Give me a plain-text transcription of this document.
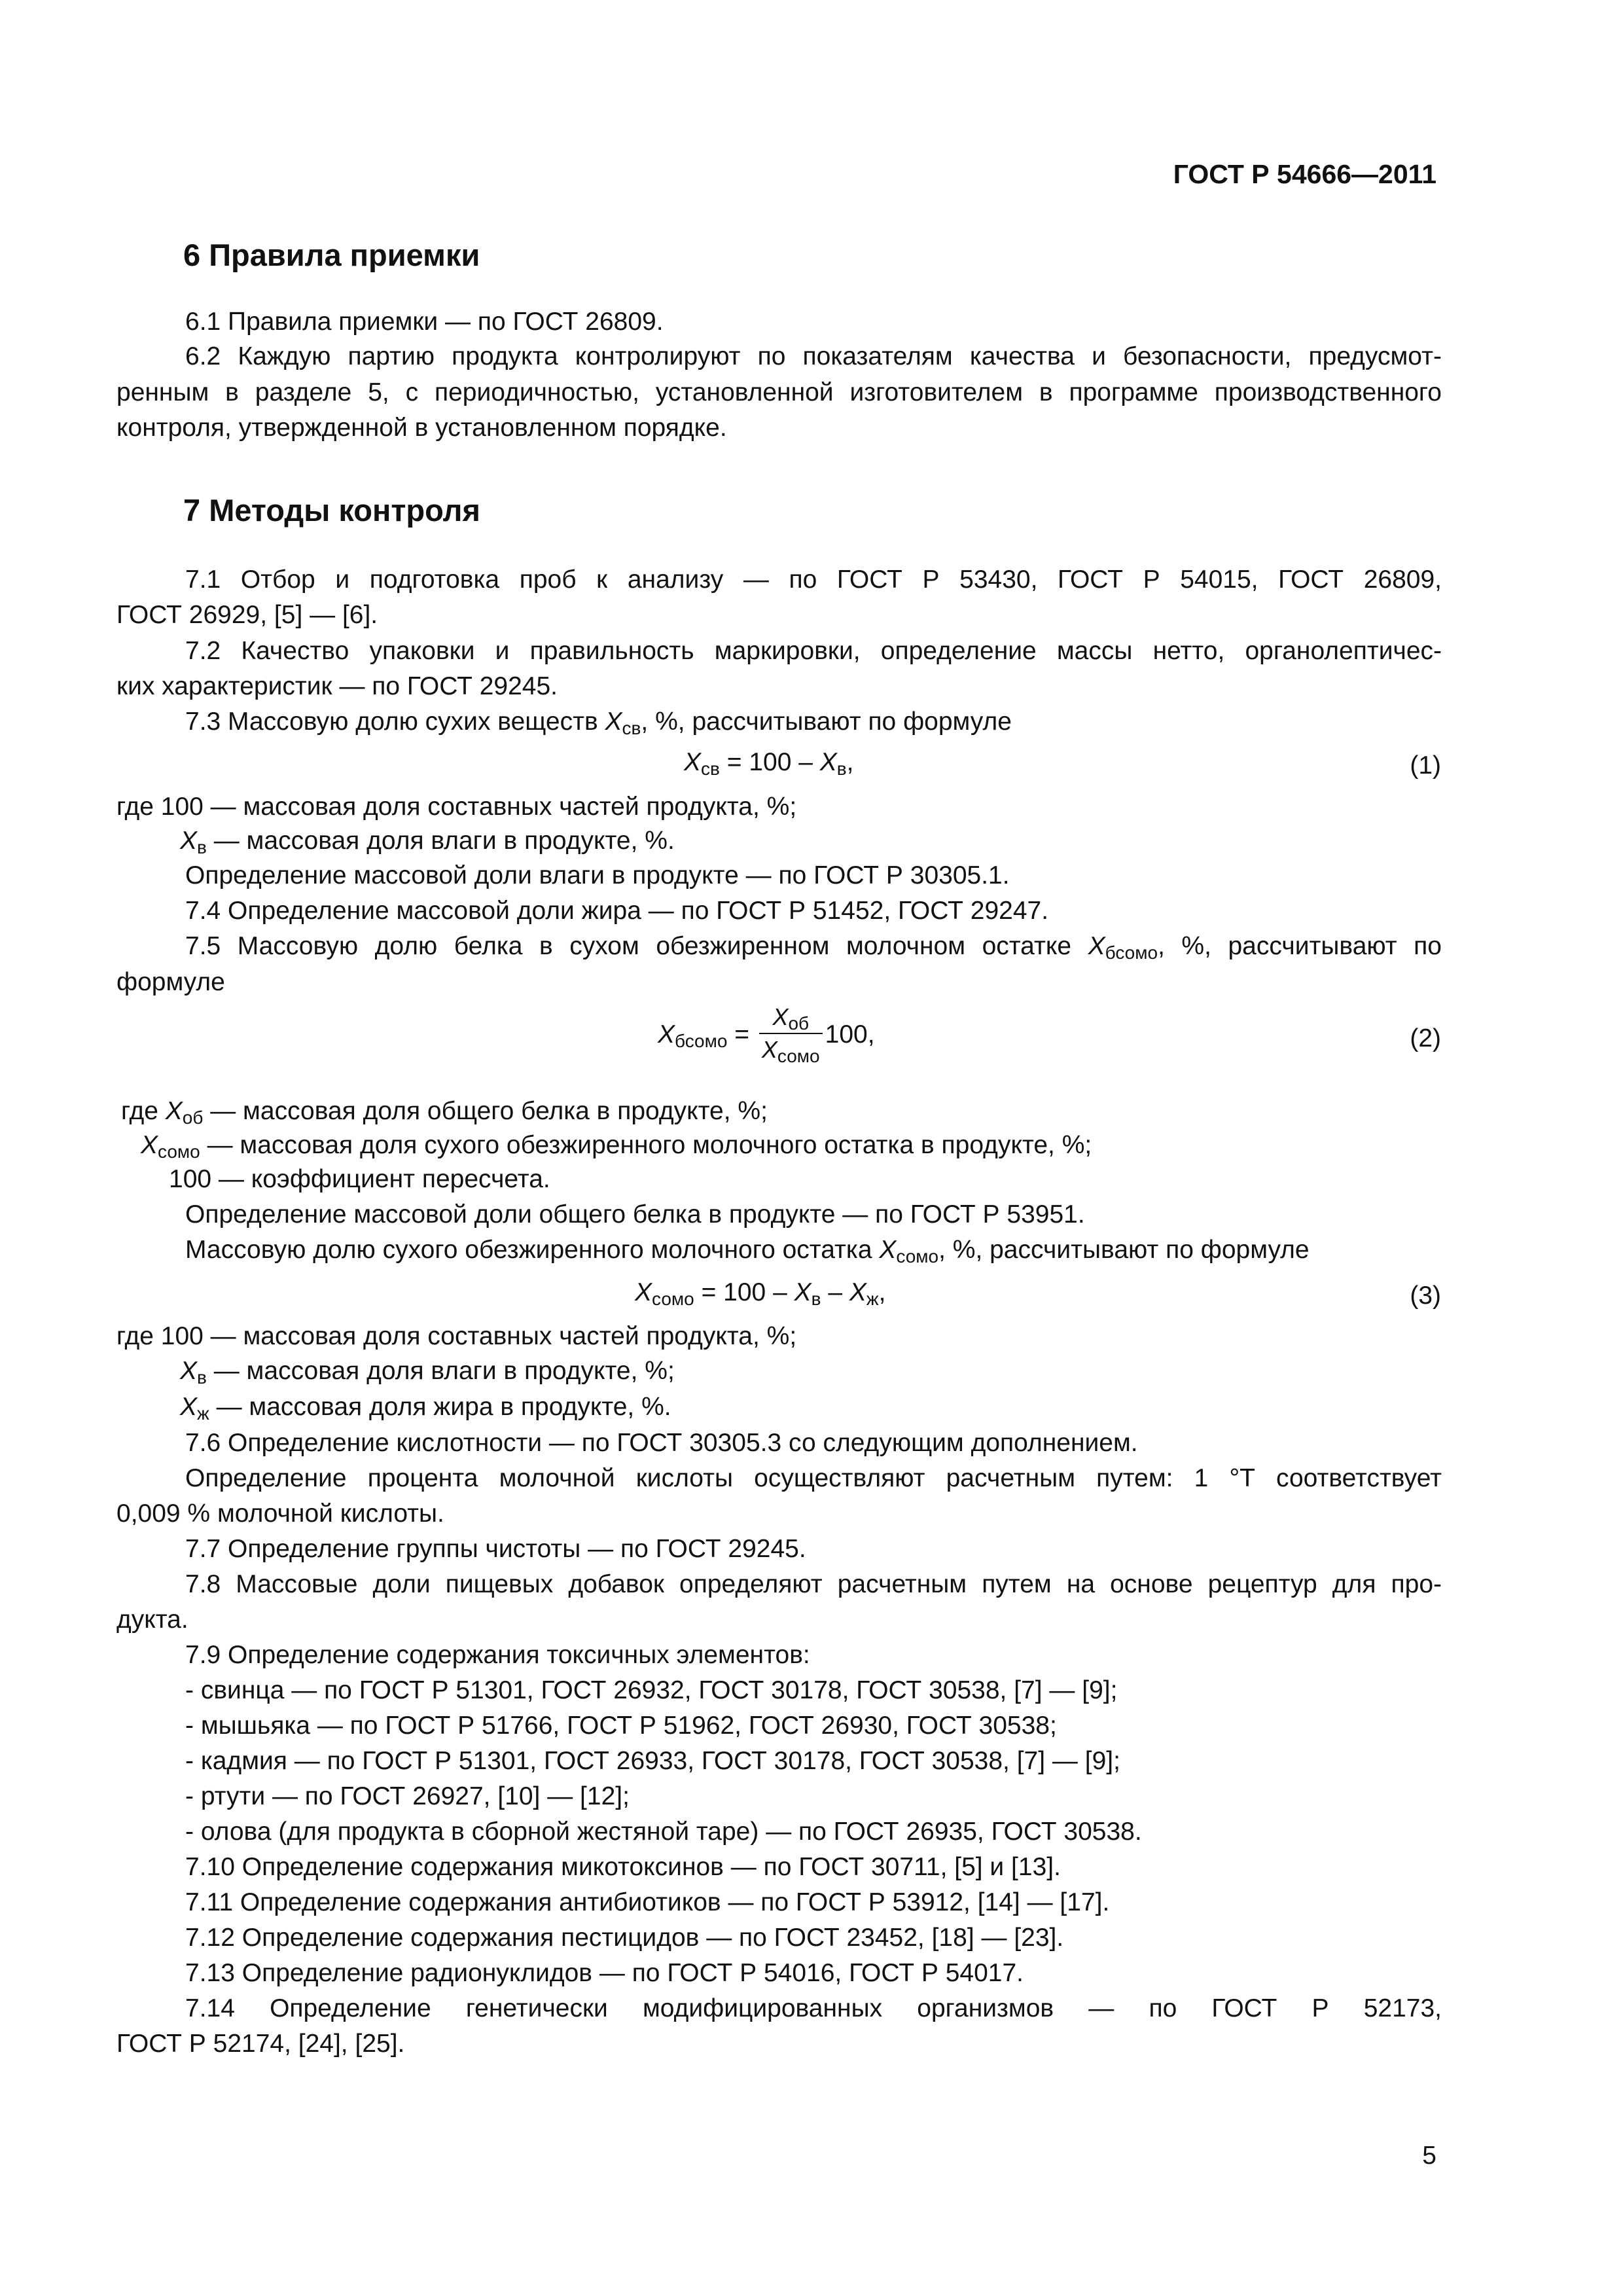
ГОСТ Р 54666—2011
6 Правила приемки
6.1 Правила приемки — по ГОСТ 26809.
6.2 Каждую партию продукта контролируют по показателям качества и безопасности, предусмот-
ренным в разделе 5, с периодичностью, установленной изготовителем в программе производственного
контроля, утвержденной в установленном порядке.
7 Методы контроля
7.1 Отбор и подготовка проб к анализу — по ГОСТ Р 53430, ГОСТ Р 54015, ГОСТ 26809,
ГОСТ 26929, [5] — [6].
7.2 Качество упаковки и правильность маркировки, определение массы нетто, органолептичес-
ких характеристик — по ГОСТ 29245.
7.3 Массовую долю сухих веществ $X_{св}$, %, рассчитывают по формуле
$X_{св} = 100 - X_в$,	(1)
где 100 — массовая доля составных частей продукта, %;
$X_в$ — массовая доля влаги в продукте, %.
Определение массовой доли влаги в продукте — по ГОСТ Р 30305.1.
7.4 Определение массовой доли жира — по ГОСТ Р 51452, ГОСТ 29247.
7.5 Массовую долю белка в сухом обезжиренном молочном остатке $X_{бсомо}$, %, рассчитывают по
формуле
$X_{бсомо} = \frac{X_{об}}{X_{сомо}} 100$,	(2)
где $X_{об}$ — массовая доля общего белка в продукте, %;
$X_{сомо}$ — массовая доля сухого обезжиренного молочного остатка в продукте, %;
100 — коэффициент пересчета.
Определение массовой доли общего белка в продукте — по ГОСТ Р 53951.
Массовую долю сухого обезжиренного молочного остатка $X_{сомо}$, %, рассчитывают по формуле
$X_{сомо} = 100 - X_в - X_ж$,	(3)
где 100 — массовая доля составных частей продукта, %;
$X_в$ — массовая доля влаги в продукте, %;
$X_ж$ — массовая доля жира в продукте, %.
7.6 Определение кислотности — по ГОСТ 30305.3 со следующим дополнением.
Определение процента молочной кислоты осуществляют расчетным путем: 1 °Т соответствует
0,009 % молочной кислоты.
7.7 Определение группы чистоты — по ГОСТ 29245.
7.8 Массовые доли пищевых добавок определяют расчетным путем на основе рецептур для про-
дукта.
7.9 Определение содержания токсичных элементов:
- свинца — по ГОСТ Р 51301, ГОСТ 26932, ГОСТ 30178, ГОСТ 30538, [7] — [9];
- мышьяка — по ГОСТ Р 51766, ГОСТ Р 51962, ГОСТ 26930, ГОСТ 30538;
- кадмия — по ГОСТ Р 51301, ГОСТ 26933, ГОСТ 30178, ГОСТ 30538, [7] — [9];
- ртути — по ГОСТ 26927, [10] — [12];
- олова (для продукта в сборной жестяной таре) — по ГОСТ 26935, ГОСТ 30538.
7.10 Определение содержания микотоксинов — по ГОСТ 30711, [5] и [13].
7.11 Определение содержания антибиотиков — по ГОСТ Р 53912, [14] — [17].
7.12 Определение содержания пестицидов — по ГОСТ 23452, [18] — [23].
7.13 Определение радионуклидов — по ГОСТ Р 54016, ГОСТ Р 54017.
7.14 Определение генетически модифицированных организмов — по ГОСТ Р 52173,
ГОСТ Р 52174, [24], [25].
5
